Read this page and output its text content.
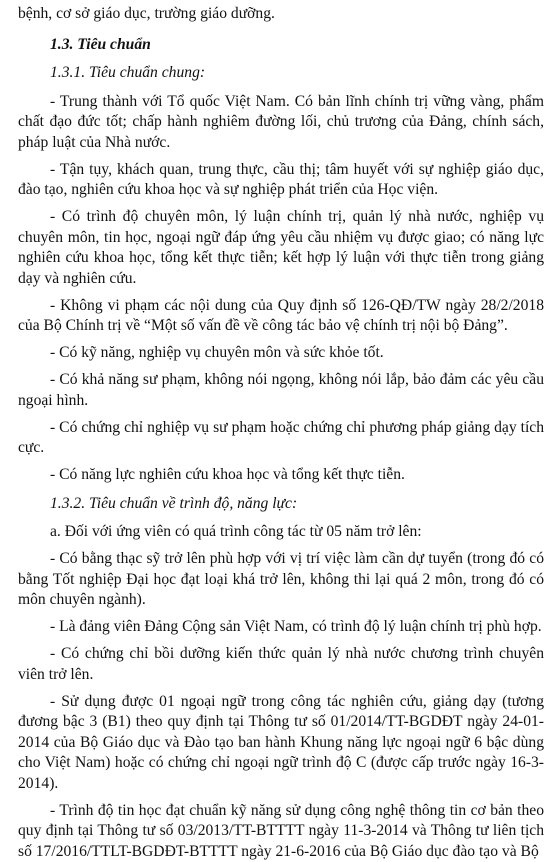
bệnh, cơ sở giáo dục, trường giáo dưỡng.

1.3. Tiêu chuẩn

1.3.1. Tiêu chuẩn chung:

- Trung thành với Tổ quốc Việt Nam. Có bản lĩnh chính trị vững vàng, phẩm chất đạo đức tốt; chấp hành nghiêm đường lối, chủ trương của Đảng, chính sách, pháp luật của Nhà nước.

- Tận tụy, khách quan, trung thực, cầu thị; tâm huyết với sự nghiệp giáo dục, đào tạo, nghiên cứu khoa học và sự nghiệp phát triển của Học viện.

- Có trình độ chuyên môn, lý luận chính trị, quản lý nhà nước, nghiệp vụ chuyên môn, tin học, ngoại ngữ đáp ứng yêu cầu nhiệm vụ được giao; có năng lực nghiên cứu khoa học, tổng kết thực tiễn; kết hợp lý luận với thực tiễn trong giảng dạy và nghiên cứu.

- Không vi phạm các nội dung của Quy định số 126-QĐ/TW ngày 28/2/2018 của Bộ Chính trị về “Một số vấn đề về công tác bảo vệ chính trị nội bộ Đảng”.

- Có kỹ năng, nghiệp vụ chuyên môn và sức khỏe tốt.

- Có khả năng sư phạm, không nói ngọng, không nói lắp, bảo đảm các yêu cầu ngoại hình.

- Có chứng chỉ nghiệp vụ sư phạm hoặc chứng chỉ phương pháp giảng dạy tích cực.

- Có năng lực nghiên cứu khoa học và tổng kết thực tiễn.

1.3.2. Tiêu chuẩn về trình độ, năng lực:

a. Đối với ứng viên có quá trình công tác từ 05 năm trở lên:

- Có bằng thạc sỹ trở lên phù hợp với vị trí việc làm cần dự tuyển (trong đó có bằng Tốt nghiệp Đại học đạt loại khá trở lên, không thi lại quá 2 môn, trong đó có môn chuyên ngành).

- Là đảng viên Đảng Cộng sản Việt Nam, có trình độ lý luận chính trị phù hợp.

- Có chứng chỉ bồi dưỡng kiến thức quản lý nhà nước chương trình chuyên viên trở lên.

- Sử dụng được 01 ngoại ngữ trong công tác nghiên cứu, giảng dạy (tương đương bậc 3 (B1) theo quy định tại Thông tư số 01/2014/TT-BGDĐT ngày 24-01-2014 của Bộ Giáo dục và Đào tạo ban hành Khung năng lực ngoại ngữ 6 bậc dùng cho Việt Nam) hoặc có chứng chỉ ngoại ngữ trình độ C (được cấp trước ngày 16-3-2014).

- Trình độ tin học đạt chuẩn kỹ năng sử dụng công nghệ thông tin cơ bản theo quy định tại Thông tư số 03/2013/TT-BTTTT ngày 11-3-2014 và Thông tư liên tịch số 17/2016/TTLT-BGDĐT-BTTTT ngày 21-6-2016 của Bộ Giáo dục đào tạo và Bộ
